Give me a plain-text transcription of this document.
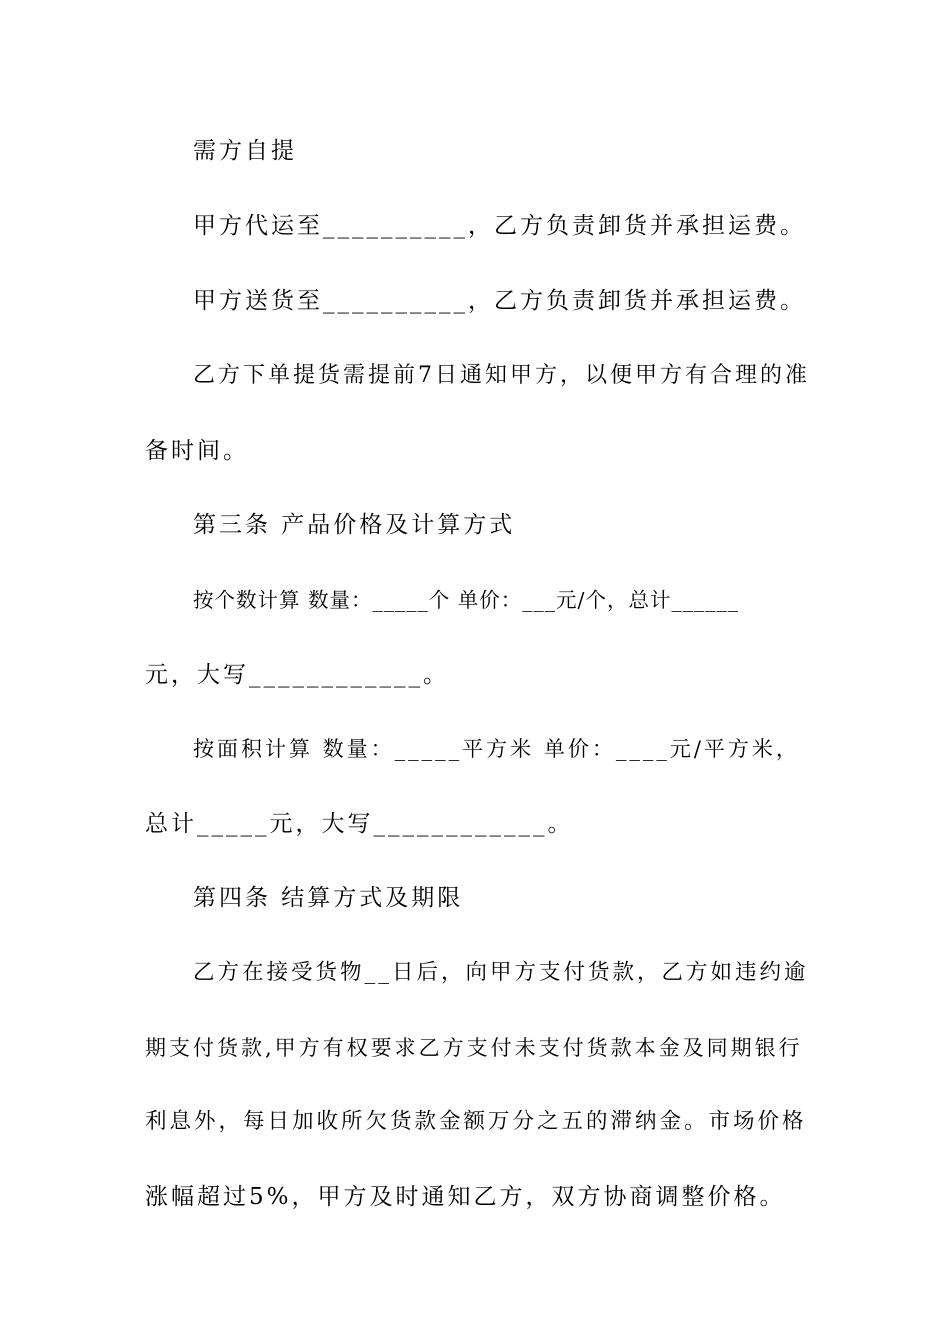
需方自提
甲方代运至__________，乙方负责卸货并承担运费。
甲方送货至__________，乙方负责卸货并承担运费。
乙方下单提货需提前7日通知甲方，以便甲方有合理的准
备时间。
第三条 产品价格及计算方式
按个数计算 数量：_____个 单价：___元/个，总计______
元，大写____________。
按面积计算 数量：_____平方米 单价：____元/平方米，
总计_____元，大写____________。
第四条 结算方式及期限
乙方在接受货物__日后，向甲方支付货款，乙方如违约逾
期支付货款,甲方有权要求乙方支付未支付货款本金及同期银行
利息外，每日加收所欠货款金额万分之五的滞纳金。市场价格
涨幅超过5%，甲方及时通知乙方，双方协商调整价格。
